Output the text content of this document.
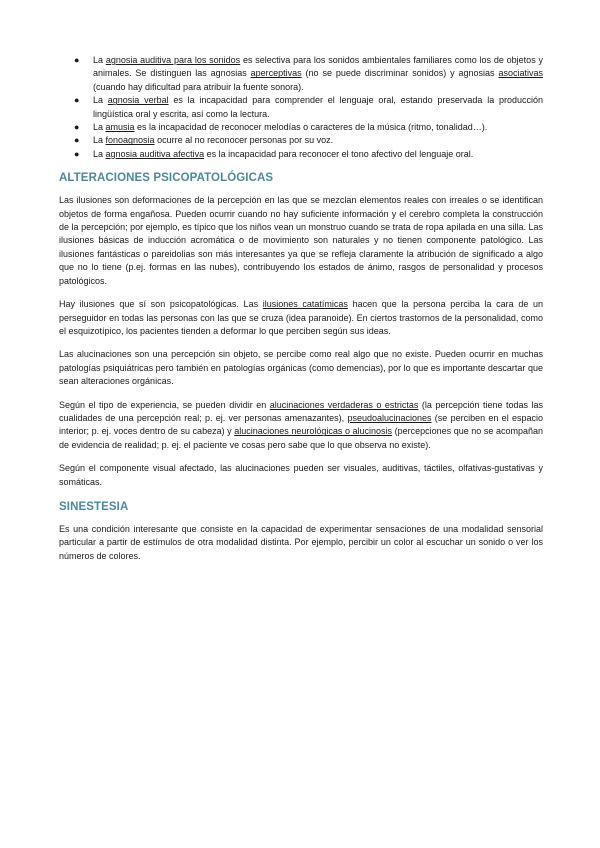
● La agnosia auditiva para los sonidos es selectiva para los sonidos ambientales familiares como los de objetos y animales. Se distinguen las agnosias aperceptivas (no se puede discriminar sonidos) y agnosias asociativas (cuando hay dificultad para atribuir la fuente sonora).
● La agnosia verbal es la incapacidad para comprender el lenguaje oral, estando preservada la producción lingüística oral y escrita, así como la lectura.
● La amusia es la incapacidad de reconocer melodías o caracteres de la música (ritmo, tonalidad…).
● La fonoagnosia ocurre al no reconocer personas por su voz.
● La agnosia auditiva afectiva es la incapacidad para reconocer el tono afectivo del lenguaje oral.
ALTERACIONES PSICOPATOLÓGICAS

Las ilusiones son deformaciones de la percepción en las que se mezclan elementos reales con irreales o se identifican objetos de forma engañosa. Pueden ocurrir cuando no hay suficiente información y el cerebro completa la construcción de la percepción; por ejemplo, es típico que los niños vean un monstruo cuando se trata de ropa apilada en una silla. Las ilusiones básicas de inducción acromática o de movimiento son naturales y no tienen componente patológico. Las ilusiones fantásticas o pareidolias son más interesantes ya que se refleja claramente la atribución de significado a algo que no lo tiene (p.ej. formas en las nubes), contribuyendo los estados de ánimo, rasgos de personalidad y procesos patológicos.

Hay ilusiones que sí son psicopatológicas. Las ilusiones catatímicas hacen que la persona perciba la cara de un perseguidor en todas las personas con las que se cruza (idea paranoide). En ciertos trastornos de la personalidad, como el esquizotípico, los pacientes tienden a deformar lo que perciben según sus ideas.

Las alucinaciones son una percepción sin objeto, se percibe como real algo que no existe. Pueden ocurrir en muchas patologías psiquiátricas pero también en patologías orgánicas (como demencias), por lo que es importante descartar que sean alteraciones orgánicas.

Según el tipo de experiencia, se pueden dividir en alucinaciones verdaderas o estrictas (la percepción tiene todas las cualidades de una percepción real; p. ej. ver personas amenazantes), pseudoalucinaciones (se perciben en el espacio interior; p. ej. voces dentro de su cabeza) y alucinaciones neurológicas o alucinosis (percepciones que no se acompañan de evidencia de realidad; p. ej. el paciente ve cosas pero sabe que lo que observa no existe).

Según el componente visual afectado, las alucinaciones pueden ser visuales, auditivas, táctiles, olfativas-gustativas y somáticas.

SINESTESIA

Es una condición interesante que consiste en la capacidad de experimentar sensaciones de una modalidad sensorial particular a partir de estímulos de otra modalidad distinta. Por ejemplo, percibir un color al escuchar un sonido o ver los números de colores.
